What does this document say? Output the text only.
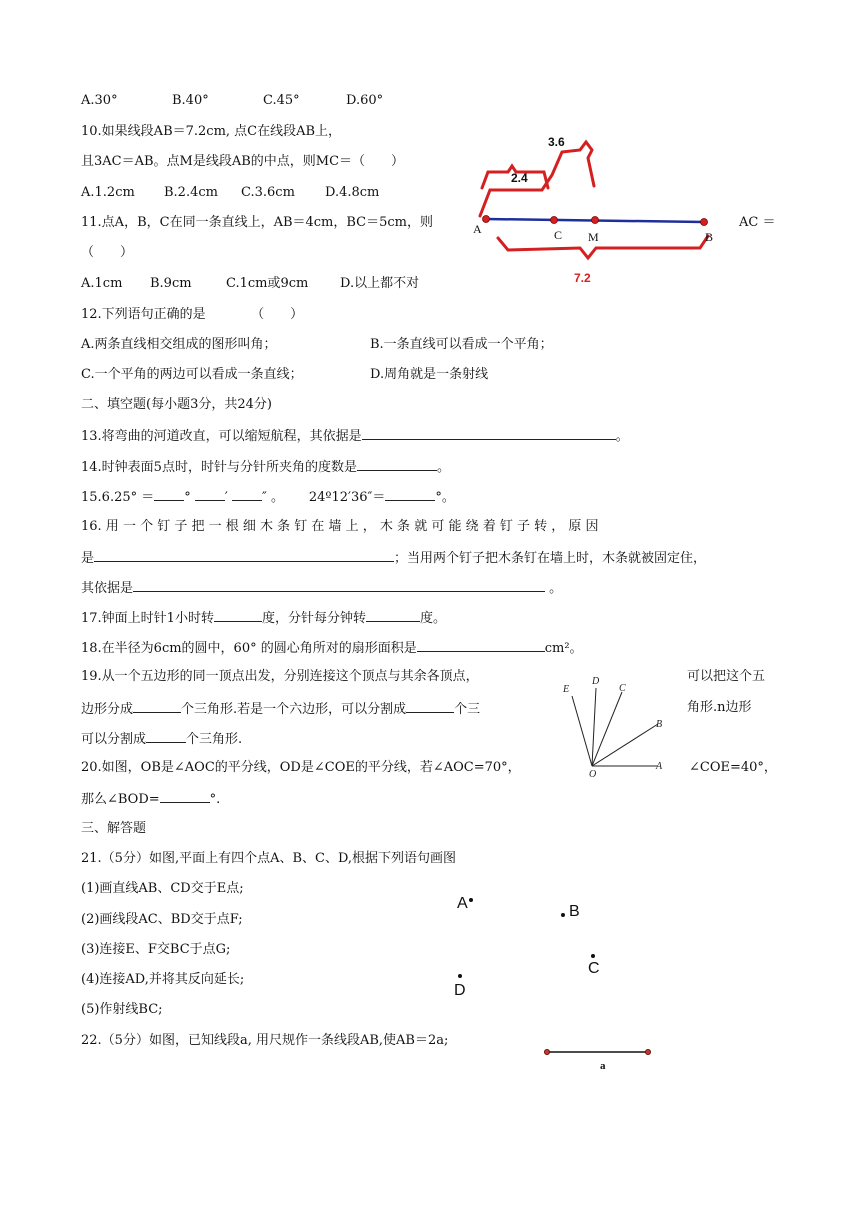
A.30°	B.40°	C.45°	D.60°
10.如果线段AB＝7.2cm, 点C在线段AB上，
且3AC＝AB。点M是线段AB的中点，则MC＝（　　）
A.1.2cm B.2.4cm C.3.6cm D.4.8cm
11.点A，B，C在同一条直线上，AB＝4cm，BC＝5cm，则	AC ＝
（　　）
A.1cm B.9cm	C.1cm或9cm D.以上都不对
3.6
2.4
7.2
A	C M	B
12.下列语句正确的是　　　　（　　）
A.两条直线相交组成的图形叫角；	B.一条直线可以看成一个平角；
C.一个平角的两边可以看成一条直线；	D.周角就是一条射线
二、填空题(每小题3分，共24分)
13.将弯曲的河道改直，可以缩短航程，其依据是	。
14.时钟表面5点时，时针与分针所夹角的度数是	。
15.6.25° ＝ °	′	″ 。 24º12′36″＝	°。
16. 用 一 个 钉 子 把 一 根 细 木 条 钉 在 墙 上 ， 木 条 就 可 能 绕 着 钉 子 转 ， 原 因
是	；当用两个钉子把木条钉在墙上时，木条就被固定住，
其依据是	。
17.钟面上时针1小时转	度，分针每分钟转	度。
18.在半径为6cm的圆中，60° 的圆心角所对的扇形面积是	cm²。
19.从一个五边形的同一顶点出发，分别连接这个顶点与其余各顶点，	可以把这个五
边形分成	个三角形.若是一个六边形，可以分割成	个三	角形.n边形
可以分割成	个三角形.
E
D
C
B
O
A
20.如图，OB是∠AOC的平分线，OD是∠COE的平分线，若∠AOC=70°，	∠COE=40°，
那么∠BOD=	°.
三、解答题
21.（5分）如图,平面上有四个点A、B、C、D,根据下列语句画图
(1)画直线AB、CD交于E点;
(2)画线段AC、BD交于点F;
(3)连接E、F交BC于点G;
(4)连接AD,并将其反向延长;
(5)作射线BC;
A	B
C
D
22.（5分）如图，已知线段a, 用尺规作一条线段AB,使AB＝2a;
a
